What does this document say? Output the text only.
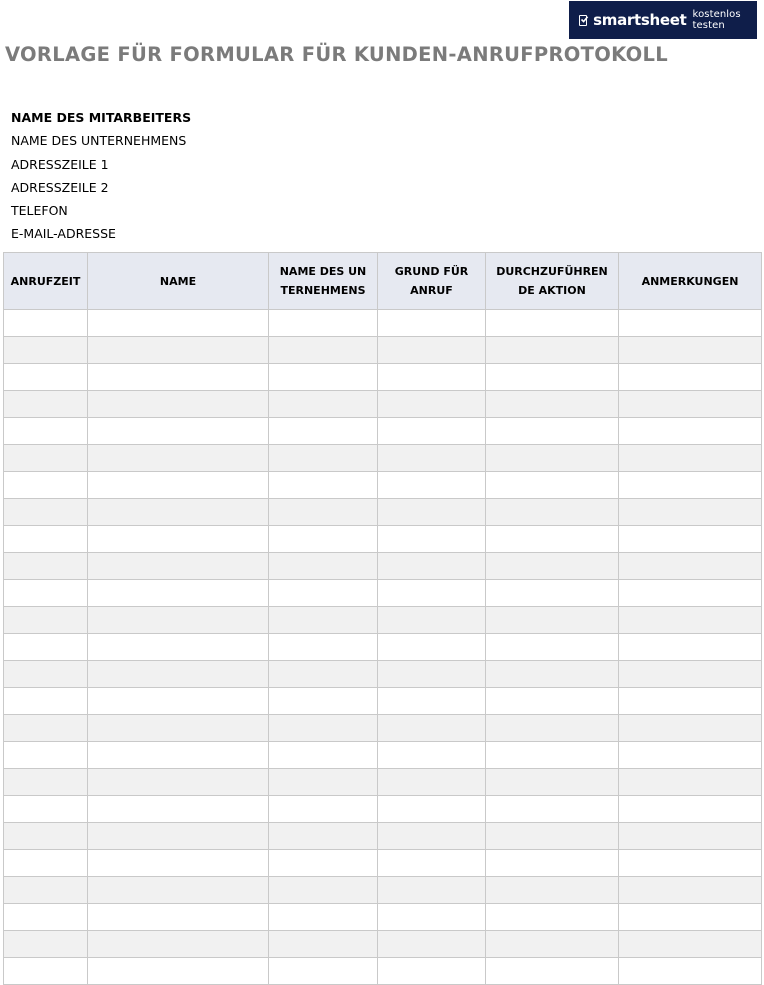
smartsheet kostenlos testen
VORLAGE FÜR FORMULAR FÜR KUNDEN-ANRUFPROTOKOLL
NAME DES MITARBEITERS
NAME DES UNTERNEHMENS
ADRESSZEILE 1
ADRESSZEILE 2
TELEFON
E-MAIL-ADRESSE
ANRUFZEIT	NAME	NAME DES UNTERNEHMENS	GRUND FÜR ANRUF	DURCHZUFÜHRENDE AKTION	ANMERKUNGEN
